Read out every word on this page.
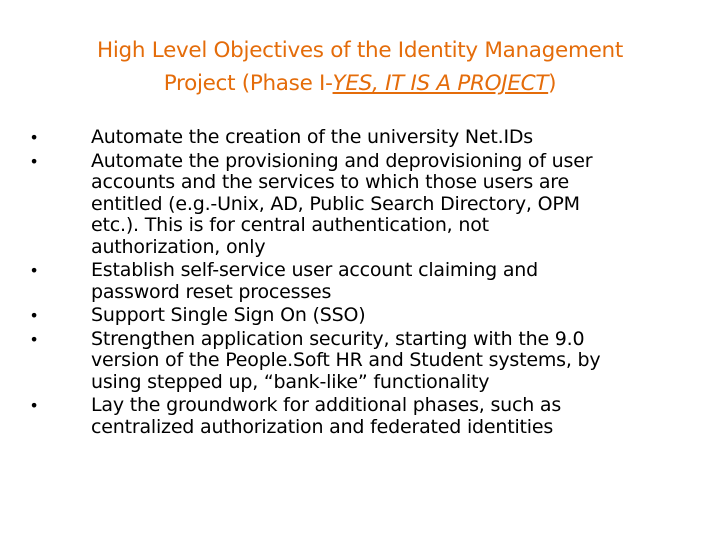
High Level Objectives of the Identity Management
Project (Phase I-YES, IT IS A PROJECT)
•	Automate the creation of the university Net.IDs
•	Automate the provisioning and deprovisioning of user
accounts and the services to which those users are
entitled (e.g.-Unix, AD, Public Search Directory, OPM
etc.). This is for central authentication, not
authorization, only
•	Establish self-service user account claiming and
password reset processes
•	Support Single Sign On (SSO)
•	Strengthen application security, starting with the 9.0
version of the People.Soft HR and Student systems, by
using stepped up, “bank-like” functionality
•	Lay the groundwork for additional phases, such as
centralized authorization and federated identities
